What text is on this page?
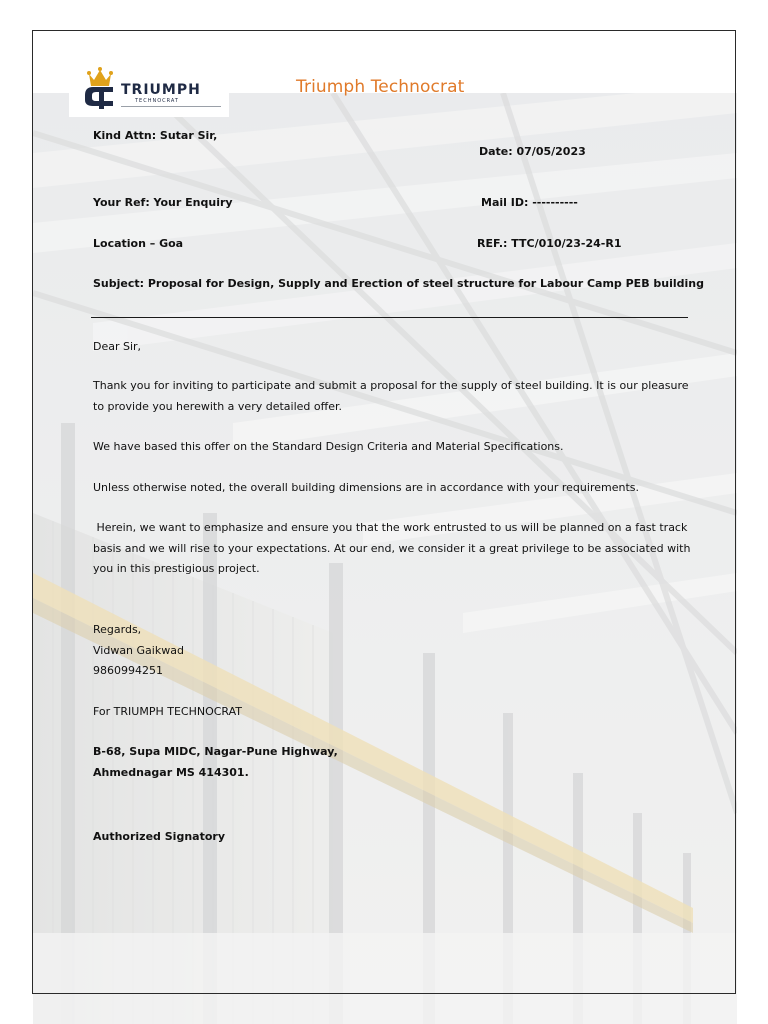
TRIUMPH
TECHNOCRAT
Triumph Technocrat
Kind Attn: Sutar Sir,
Date: 07/05/2023
Your Ref: Your Enquiry	Mail ID: ----------
Location – Goa	REF.: TTC/010/23-24-R1
Subject: Proposal for Design, Supply and Erection of steel structure for Labour Camp PEB building
Dear Sir,
Thank you for inviting to participate and submit a proposal for the supply of steel building. It is our pleasure to provide you herewith a very detailed offer.
We have based this offer on the Standard Design Criteria and Material Specifications.
Unless otherwise noted, the overall building dimensions are in accordance with your requirements.
Herein, we want to emphasize and ensure you that the work entrusted to us will be planned on a fast track basis and we will rise to your expectations. At our end, we consider it a great privilege to be associated with you in this prestigious project.
Regards,
Vidwan Gaikwad
9860994251
For TRIUMPH TECHNOCRAT
B-68, Supa MIDC, Nagar-Pune Highway,
Ahmednagar MS 414301.
Authorized Signatory
